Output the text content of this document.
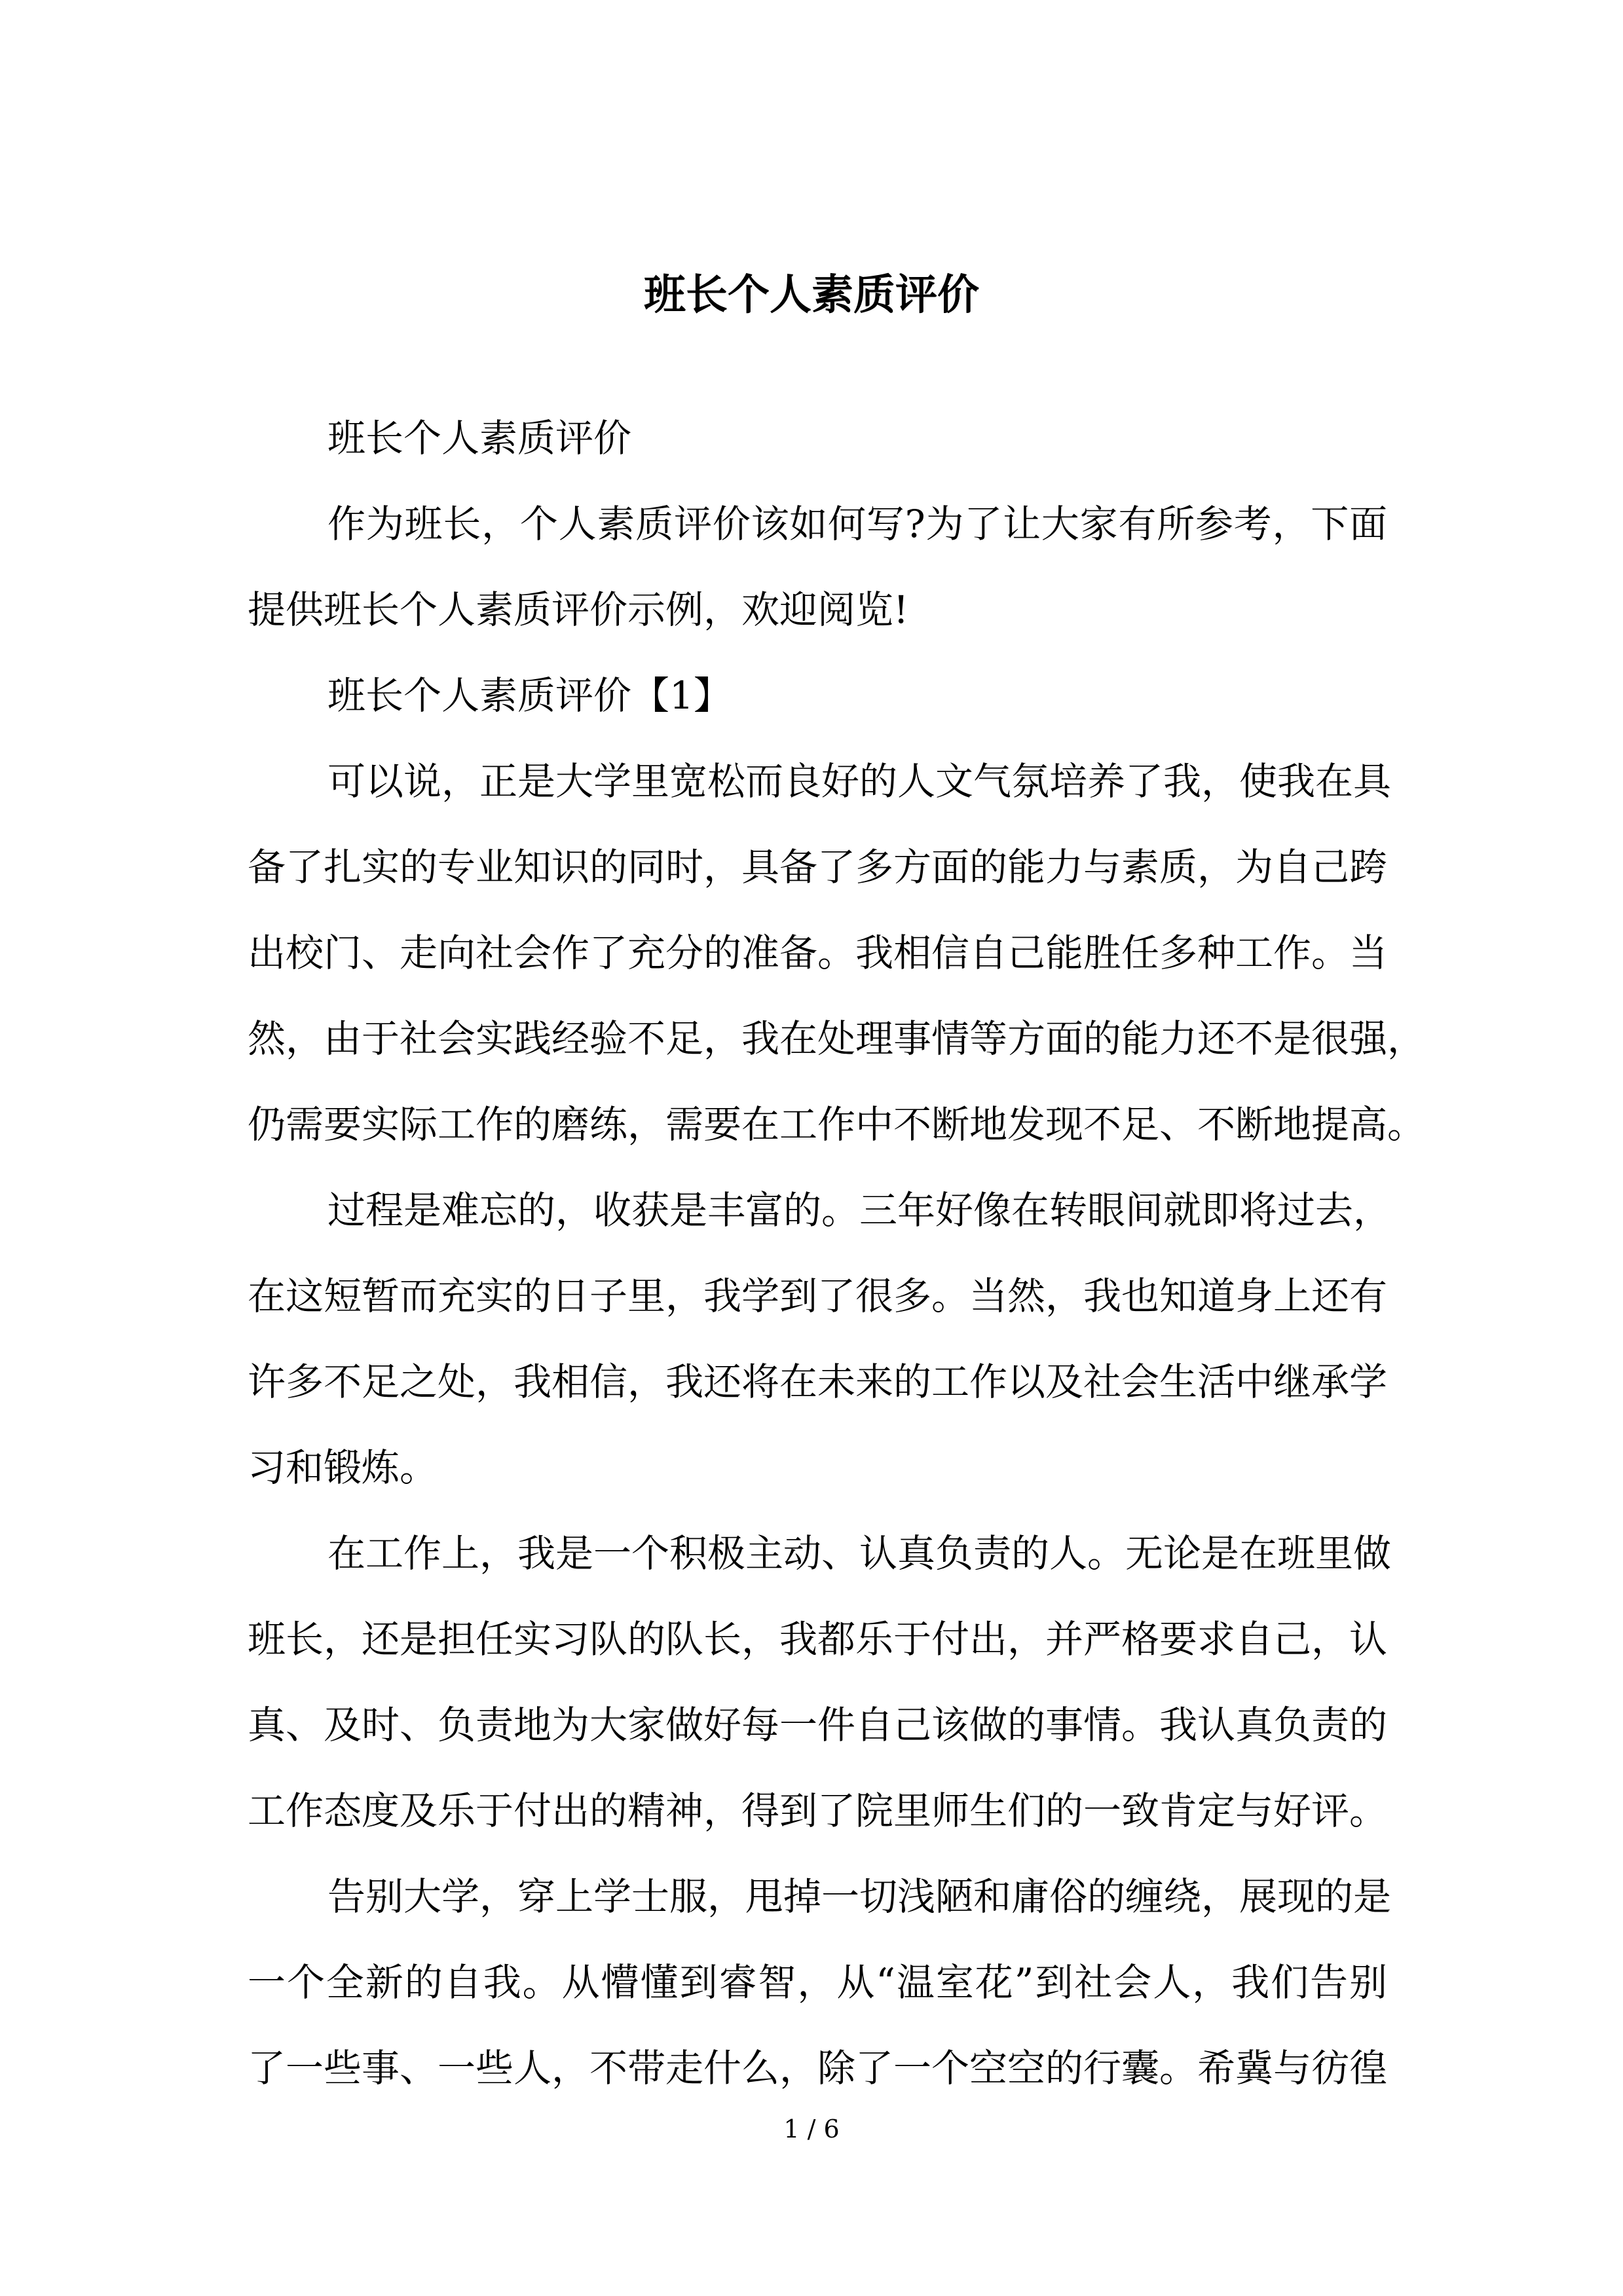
班长个人素质评价
班长个人素质评价
作为班长，个人素质评价该如何写?为了让大家有所参考，下面
提供班长个人素质评价示例，欢迎阅览!
班长个人素质评价【1】
可以说，正是大学里宽松而良好的人文气氛培养了我，使我在具
备了扎实的专业知识的同时，具备了多方面的能力与素质，为自己跨
出校门、走向社会作了充分的准备。我相信自己能胜任多种工作。当
然，由于社会实践经验不足，我在处理事情等方面的能力还不是很强，
仍需要实际工作的磨练，需要在工作中不断地发现不足、不断地提高。
过程是难忘的，收获是丰富的。三年好像在转眼间就即将过去，
在这短暂而充实的日子里，我学到了很多。当然，我也知道身上还有
许多不足之处，我相信，我还将在未来的工作以及社会生活中继承学
习和锻炼。
在工作上，我是一个积极主动、认真负责的人。无论是在班里做
班长，还是担任实习队的队长，我都乐于付出，并严格要求自己，认
真、及时、负责地为大家做好每一件自己该做的事情。我认真负责的
工作态度及乐于付出的精神，得到了院里师生们的一致肯定与好评。
告别大学，穿上学士服，甩掉一切浅陋和庸俗的缠绕，展现的是
一个全新的自我。从懵懂到睿智，从“温室花”到社会人，我们告别
了一些事、一些人，不带走什么，除了一个空空的行囊。希冀与彷徨
1 / 6
